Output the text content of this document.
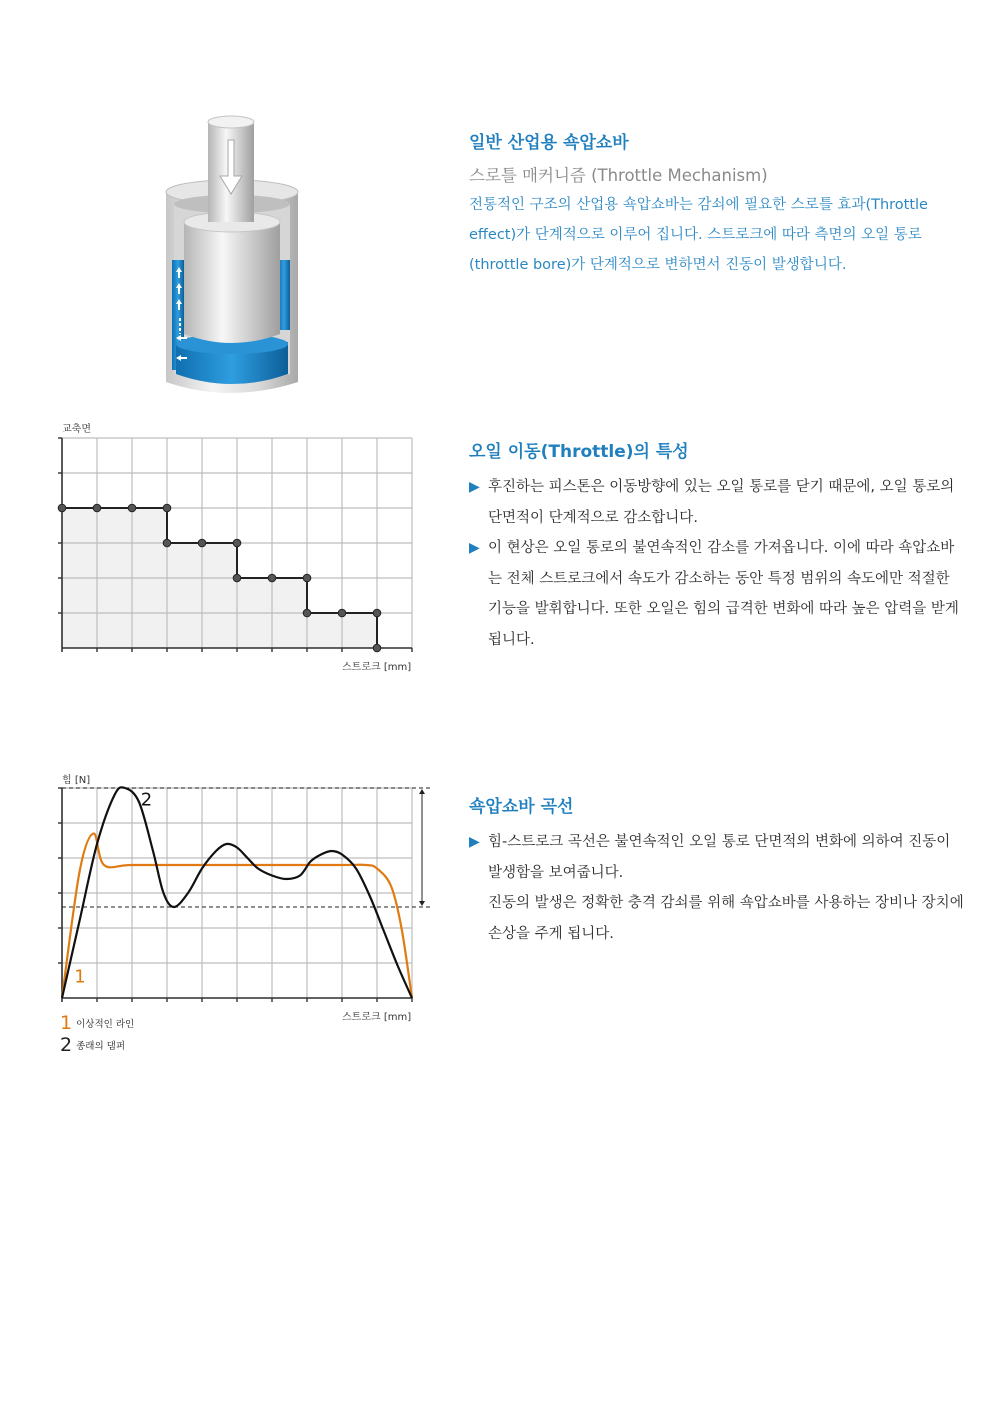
일반 산업용 쇽압쇼바

스로틀 매커니즘 (Throttle Mechanism)

전통적인 구조의 산업용 쇽압쇼바는 감쇠에 필요한 스로틀 효과(Throttle effect)가 단계적으로 이루어 집니다. 스트로크에 따라 측면의 오일 통로(throttle bore)가 단계적으로 변하면서 진동이 발생합니다.

교축면
스트로크 [mm]
오일 이동(Throttle)의 특성

▶ 후진하는 피스톤은 이동방향에 있는 오일 통로를 닫기 때문에, 오일 통로의 단면적이 단계적으로 감소합니다.

▶ 이 현상은 오일 통로의 불연속적인 감소를 가져옵니다. 이에 따라 쇽압쇼바는 전체 스트로크에서 속도가 감소하는 동안 특정 범위의 속도에만 적절한 기능을 발휘합니다. 또한 오일은 힘의 급격한 변화에 따라 높은 압력을 받게 됩니다.

힘 [N]
1
2
스트로크 [mm]
1 이상적인 라인
2 종래의 댐퍼
쇽압쇼바 곡선

▶ 힘-스트로크 곡선은 불연속적인 오일 통로 단면적의 변화에 의하여 진동이 발생함을 보여줍니다.

진동의 발생은 정확한 충격 감쇠를 위해 쇽압쇼바를 사용하는 장비나 장치에 손상을 주게 됩니다.
